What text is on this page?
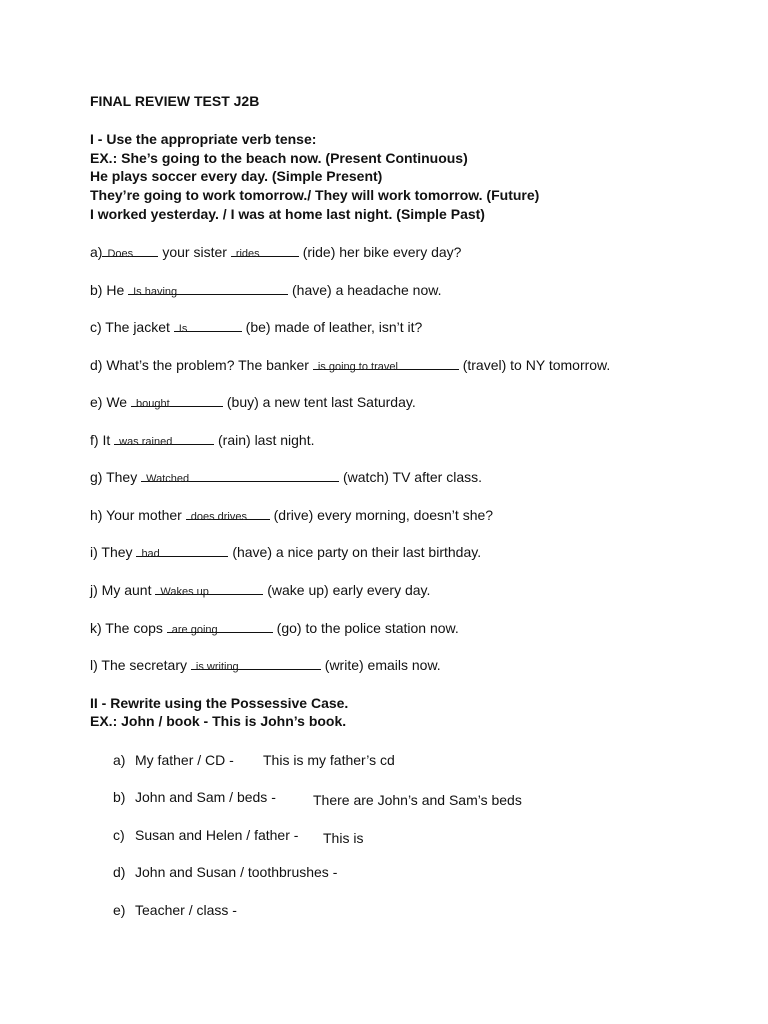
FINAL REVIEW TEST J2B
I - Use the appropriate verb tense:
EX.: She’s going to the beach now. (Present Continuous)
He plays soccer every day. (Simple Present)
They’re going to work tomorrow./ They will work tomorrow. (Future)
I worked yesterday. / I was at home last night. (Simple Past)
a) Does your sister rides	(ride) her bike every day?
b) He Is having	(have) a headache now.
c) The jacket Is	(be) made of leather, isn’t it?
d) What’s the problem? The banker is going to travel	(travel) to NY tomorrow.
e) We bought	(buy) a new tent last Saturday.
f) It was rained	(rain) last night.
g) They Watched	(watch) TV after class.
h) Your mother does drives (drive) every morning, doesn’t she?
i) They had	(have) a nice party on their last birthday.
j) My aunt Wakes up	(wake up) early every day.
k) The cops are going	(go) to the police station now.
l) The secretary is writing	(write) emails now.
II - Rewrite using the Possessive Case.
EX.: John / book - This is John’s book.
a) My father / CD - This is my father’s cd
b) John and Sam / beds -	There are John’s and Sam’s beds
c) Susan and Helen / father - This is
d) John and Susan / toothbrushes -
e) Teacher / class -
